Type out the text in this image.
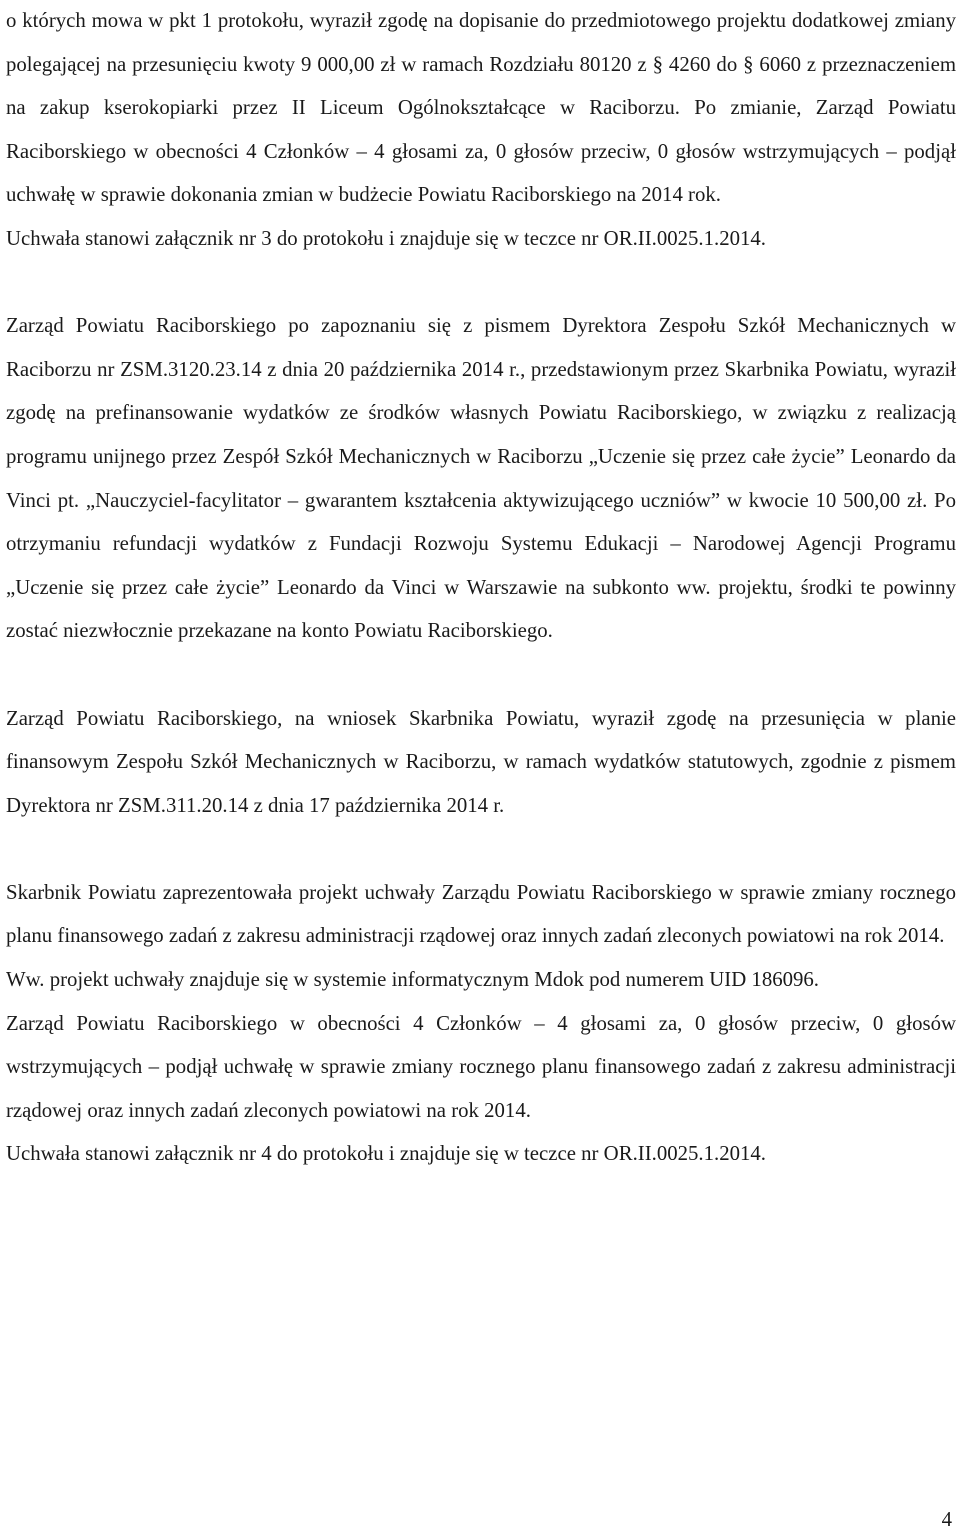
o których mowa w pkt 1 protokołu, wyraził zgodę na dopisanie do przedmiotowego projektu dodatkowej zmiany polegającej na przesunięciu kwoty 9 000,00 zł w ramach Rozdziału 80120 z § 4260 do § 6060 z przeznaczeniem na zakup kserokopiarki przez II Liceum Ogólnokształcące w Raciborzu. Po zmianie, Zarząd Powiatu Raciborskiego w obecności 4 Członków – 4 głosami za, 0 głosów przeciw, 0 głosów wstrzymujących – podjął uchwałę w sprawie dokonania zmian w budżecie Powiatu Raciborskiego na 2014 rok.

Uchwała stanowi załącznik nr 3 do protokołu i znajduje się w teczce nr OR.II.0025.1.2014.

Zarząd Powiatu Raciborskiego po zapoznaniu się z pismem Dyrektora Zespołu Szkół Mechanicznych w Raciborzu nr ZSM.3120.23.14 z dnia 20 października 2014 r., przedstawionym przez Skarbnika Powiatu, wyraził zgodę na prefinansowanie wydatków ze środków własnych Powiatu Raciborskiego, w związku z realizacją programu unijnego przez Zespół Szkół Mechanicznych w Raciborzu „Uczenie się przez całe życie” Leonardo da Vinci pt. „Nauczyciel-facylitator – gwarantem kształcenia aktywizującego uczniów” w kwocie 10 500,00 zł. Po otrzymaniu refundacji wydatków z Fundacji Rozwoju Systemu Edukacji – Narodowej Agencji Programu „Uczenie się przez całe życie” Leonardo da Vinci w Warszawie na subkonto ww. projektu, środki te powinny zostać niezwłocznie przekazane na konto Powiatu Raciborskiego.

Zarząd Powiatu Raciborskiego, na wniosek Skarbnika Powiatu, wyraził zgodę na przesunięcia w planie finansowym Zespołu Szkół Mechanicznych w Raciborzu, w ramach wydatków statutowych, zgodnie z pismem Dyrektora nr ZSM.311.20.14 z dnia 17 października 2014 r.

Skarbnik Powiatu zaprezentowała projekt uchwały Zarządu Powiatu Raciborskiego w sprawie zmiany rocznego planu finansowego zadań z zakresu administracji rządowej oraz innych zadań zleconych powiatowi na rok 2014.

Ww. projekt uchwały znajduje się w systemie informatycznym Mdok pod numerem UID 186096.

Zarząd Powiatu Raciborskiego w obecności 4 Członków – 4 głosami za, 0 głosów przeciw, 0 głosów wstrzymujących – podjął uchwałę w sprawie zmiany rocznego planu finansowego zadań z zakresu administracji rządowej oraz innych zadań zleconych powiatowi na rok 2014.

Uchwała stanowi załącznik nr 4 do protokołu i znajduje się w teczce nr OR.II.0025.1.2014.

4
